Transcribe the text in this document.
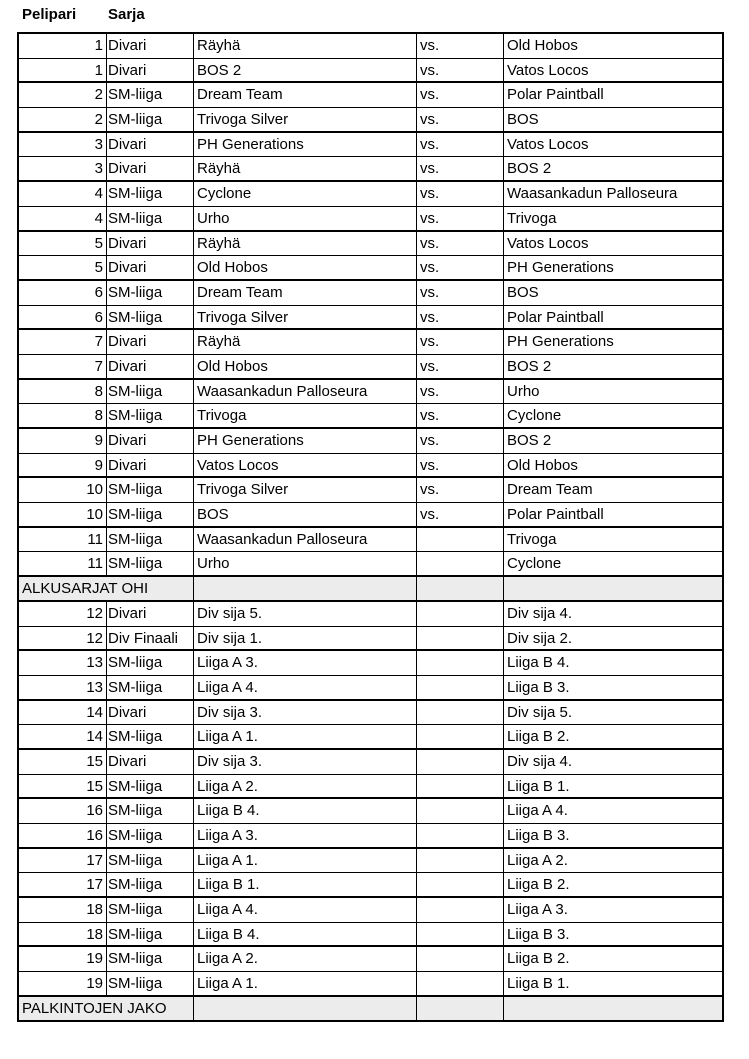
Pelipari Sarja
1 Divari	Räyhä	vs.	Old Hobos
1 Divari	BOS 2	vs.	Vatos Locos
2 SM-liiga	Dream Team	vs.	Polar Paintball
2 SM-liiga	Trivoga Silver	vs.	BOS
3 Divari	PH Generations	vs.	Vatos Locos
3 Divari	Räyhä	vs.	BOS 2
4 SM-liiga	Cyclone	vs.	Waasankadun Palloseura
4 SM-liiga	Urho	vs.	Trivoga
5 Divari	Räyhä	vs.	Vatos Locos
5 Divari	Old Hobos	vs.	PH Generations
6 SM-liiga	Dream Team	vs.	BOS
6 SM-liiga	Trivoga Silver	vs.	Polar Paintball
7 Divari	Räyhä	vs.	PH Generations
7 Divari	Old Hobos	vs.	BOS 2
8 SM-liiga	Waasankadun Palloseura	vs.	Urho
8 SM-liiga	Trivoga	vs.	Cyclone
9 Divari	PH Generations	vs.	BOS 2
9 Divari	Vatos Locos	vs.	Old Hobos
10 SM-liiga	Trivoga Silver	vs.	Dream Team
10 SM-liiga	BOS	vs.	Polar Paintball
11 SM-liiga	Waasankadun Palloseura	Trivoga
11 SM-liiga	Urho	Cyclone
ALKUSARJAT OHI
12 Divari	Div sija 5.	Div sija 4.
12 Div Finaali	Div sija 1.	Div sija 2.
13 SM-liiga	Liiga A 3.	Liiga B 4.
13 SM-liiga	Liiga A 4.	Liiga B 3.
14 Divari	Div sija 3.	Div sija 5.
14 SM-liiga	Liiga A 1.	Liiga B 2.
15 Divari	Div sija 3.	Div sija 4.
15 SM-liiga	Liiga A 2.	Liiga B 1.
16 SM-liiga	Liiga B 4.	Liiga A 4.
16 SM-liiga	Liiga A 3.	Liiga B 3.
17 SM-liiga	Liiga A 1.	Liiga A 2.
17 SM-liiga	Liiga B 1.	Liiga B 2.
18 SM-liiga	Liiga A 4.	Liiga A 3.
18 SM-liiga	Liiga B 4.	Liiga B 3.
19 SM-liiga	Liiga A 2.	Liiga B 2.
19 SM-liiga	Liiga A 1.	Liiga B 1.
PALKINTOJEN JAKO
